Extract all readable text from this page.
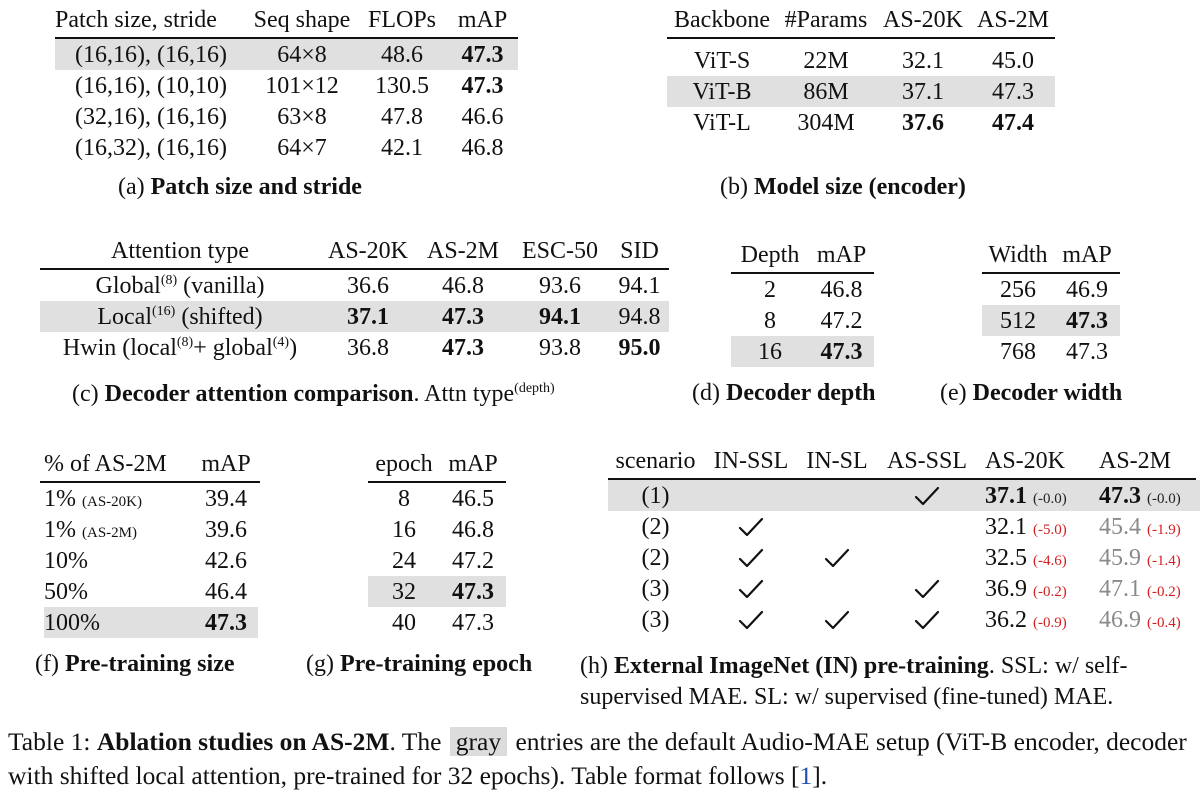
Patch size, stride	Seq shape	FLOPs	mAP
(16,16), (16,16)	64×8	48.6	47.3
(16,16), (10,10)	101×12	130.5	47.3
(32,16), (16,16)	63×8	47.8	46.6
(16,32), (16,16)	64×7	42.1	46.8
(a) Patch size and stride
Backbone	#Params	AS-20K	AS-2M

ViT-S	22M	32.1	45.0
ViT-B	86M	37.1	47.3
ViT-L	304M	37.6	47.4
(b) Model size (encoder)
Attention type	AS-20K	AS-2M	ESC-50	SID
Global$^{(8)}$ (vanilla)	36.6	46.8	93.6	94.1
Local$^{(16)}$ (shifted)	37.1	47.3	94.1	94.8
Hwin (local$^{(8)}$+ global$^{(4)}$)	36.8	47.3	93.8	95.0
(c) Decoder attention comparison. Attn type$^{(depth)}$
Depth	mAP
2	46.8
8	47.2
16	47.3
(d) Decoder depth
Width	mAP
256	46.9
512	47.3
768	47.3
(e) Decoder width
% of AS-2M	mAP
1% (AS-20K)	39.4
1% (AS-2M)	39.6
10%	42.6
50%	46.4
100%	47.3
(f) Pre-training size
epoch	mAP
8	46.5
16	46.8
24	47.2
32	47.3
40	47.3
(g) Pre-training epoch
scenario	IN-SSL	IN-SL	AS-SSL	AS-20K	AS-2M
(1)				37.1 (-0.0)	47.3 (-0.0)
(2)				32.1 (-5.0)	45.4 (-1.9)
(2)				32.5 (-4.6)	45.9 (-1.4)
(3)				36.9 (-0.2)	47.1 (-0.2)
(3)				36.2 (-0.9)	46.9 (-0.4)
(h) External ImageNet (IN) pre-training. SSL: w/ self-
supervised MAE. SL: w/ supervised (fine-tuned) MAE.
Table 1: Ablation studies on AS-2M. The gray entries are the default Audio-MAE setup (ViT-B encoder, decoder with shifted local attention, pre-trained for 32 epochs). Table format follows [1].
